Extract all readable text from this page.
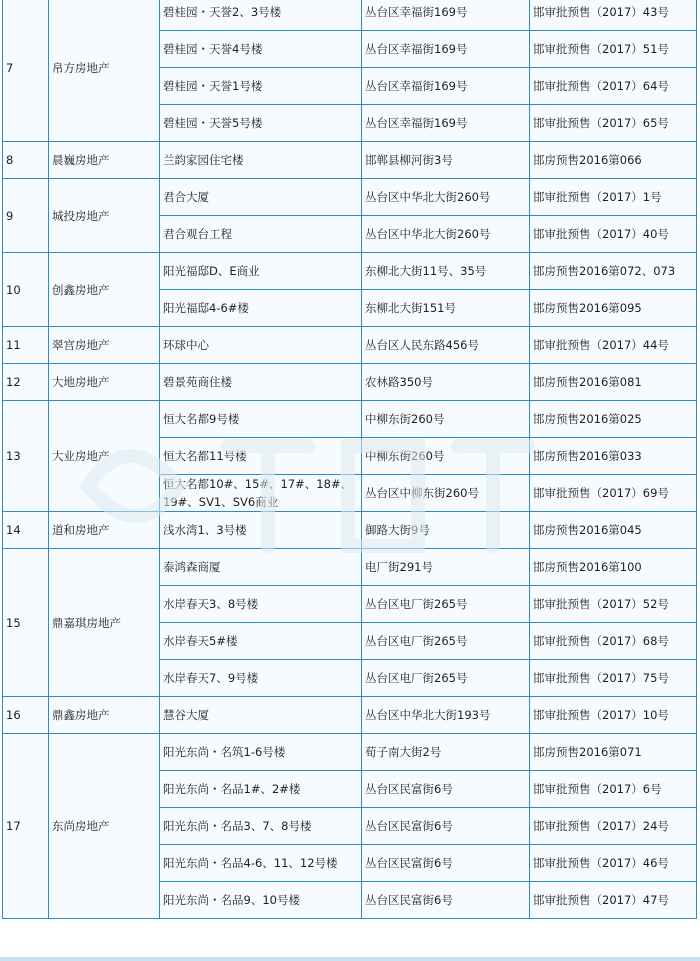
7	帛方房地产	碧桂园・天誉2、3号楼	丛台区幸福街169号	邯审批预售（2017）43号
		碧桂园・天誉4号楼	丛台区幸福街169号	邯审批预售（2017）51号
		碧桂园・天誉1号楼	丛台区幸福街169号	邯审批预售（2017）64号
		碧桂园・天誉5号楼	丛台区幸福街169号	邯审批预售（2017）65号
8	晨巍房地产	兰韵家园住宅楼	邯郸县柳河街3号	邯房预售2016第066
9	城投房地产	君合大厦	丛台区中华北大街260号	邯审批预售（2017）1号
		君合观台工程	丛台区中华北大街260号	邯审批预售（2017）40号
10	创鑫房地产	阳光福邸D、E商业	东柳北大街11号、35号	邯房预售2016第072、073
		阳光福邸4-6#楼	东柳北大街151号	邯房预售2016第095
11	翠宫房地产	环球中心	丛台区人民东路456号	邯审批预售（2017）44号
12	大地房地产	碧景苑商住楼	农林路350号	邯房预售2016第081
13	大业房地产	恒大名都9号楼	中柳东街260号	邯房预售2016第025
		恒大名都11号楼	中柳东街260号	邯房预售2016第033
		恒大名都10#、15#、17#、18#、19#、SV1、SV6商业	丛台区中柳东街260号	邯审批预售（2017）69号
14	道和房地产	浅水湾1、3号楼	御路大街9号	邯房预售2016第045
15	鼎嘉琪房地产	泰鸿森商厦	电厂街291号	邯房预售2016第100
		水岸春天3、8号楼	丛台区电厂街265号	邯审批预售（2017）52号
		水岸春天5#楼	丛台区电厂街265号	邯审批预售（2017）68号
		水岸春天7、9号楼	丛台区电厂街265号	邯审批预售（2017）75号
16	鼎鑫房地产	慧谷大厦	丛台区中华北大街193号	邯审批预售（2017）10号
17	东尚房地产	阳光东尚・名筑1-6号楼	荀子南大街2号	邯房预售2016第071
		阳光东尚・名品1#、2#楼	丛台区民富街6号	邯审批预售（2017）6号
		阳光东尚・名品3、7、8号楼	丛台区民富街6号	邯审批预售（2017）24号
		阳光东尚・名品4-6、11、12号楼	丛台区民富街6号	邯审批预售（2017）46号
		阳光东尚・名品9、10号楼	丛台区民富街6号	邯审批预售（2017）47号
